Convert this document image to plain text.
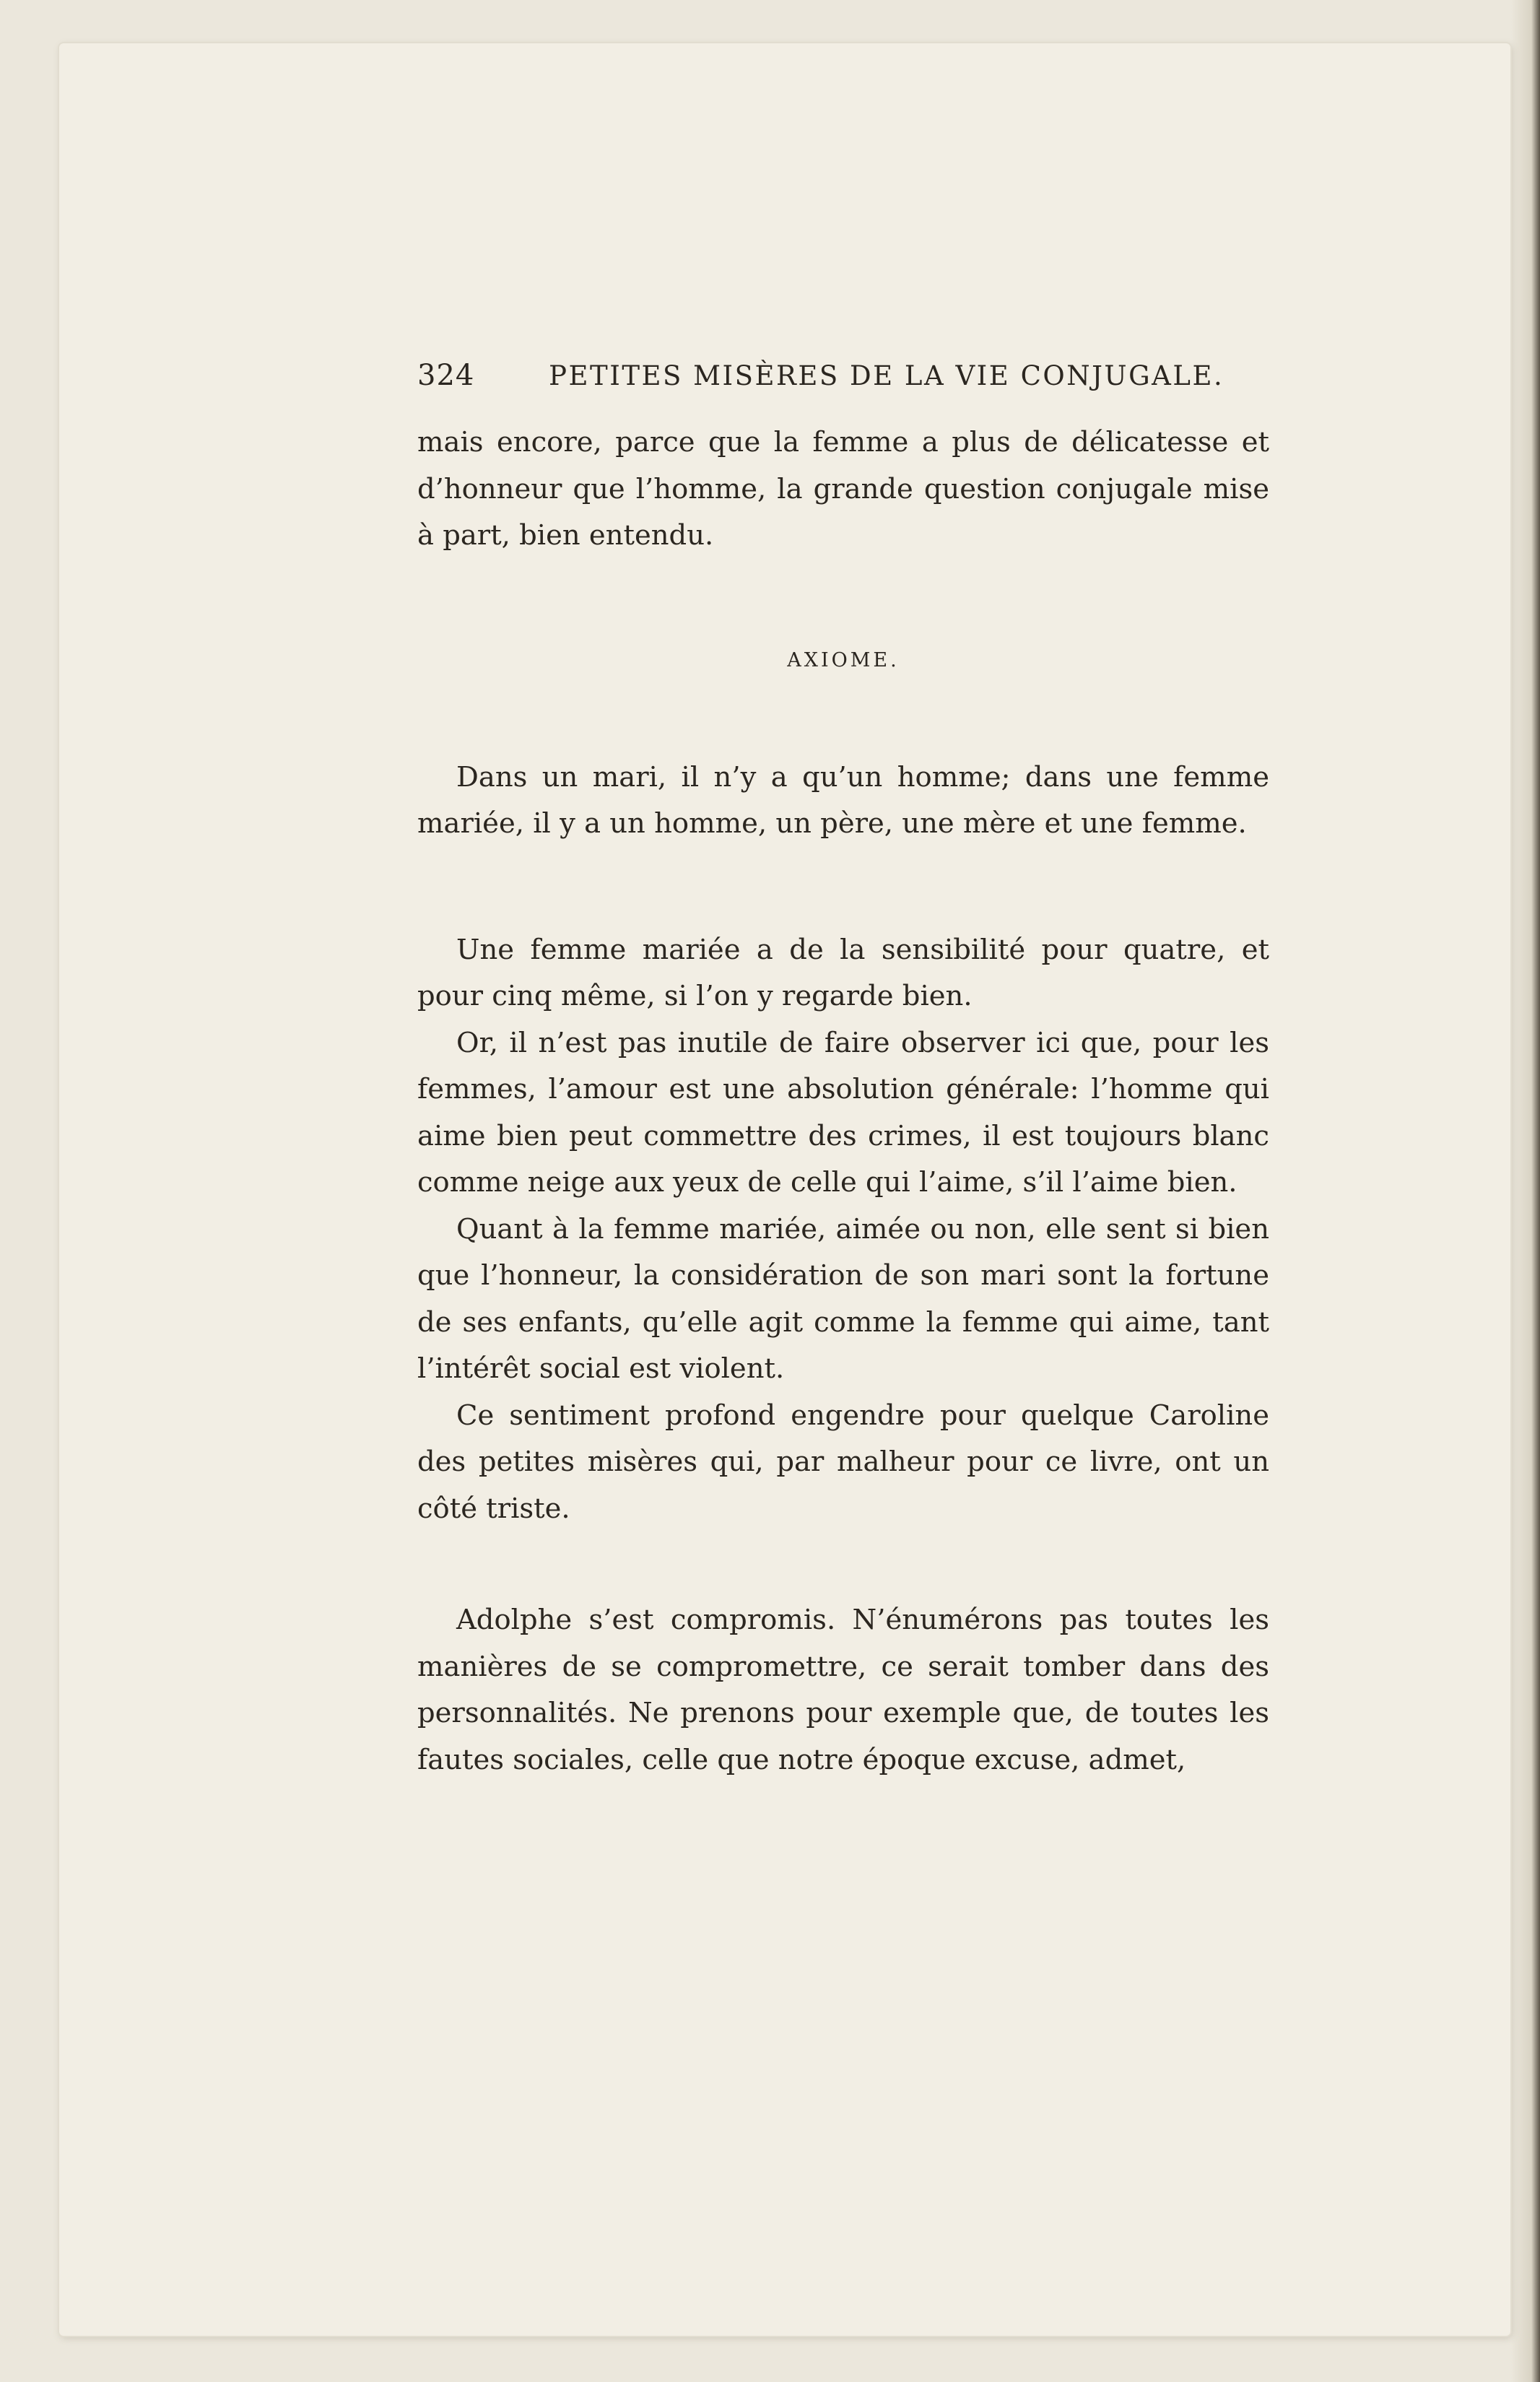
324	PETITES MISÈRES DE LA VIE CONJUGALE.

mais encore, parce que la femme a plus de délicatesse et d’honneur que l’homme, la grande question conjugale mise à part, bien entendu.

AXIOME.

Dans un mari, il n’y a qu’un homme; dans une femme mariée, il y a un homme, un père, une mère et une femme.

Une femme mariée a de la sensibilité pour quatre, et pour cinq même, si l’on y regarde bien.

Or, il n’est pas inutile de faire observer ici que, pour les femmes, l’amour est une absolution générale: l’homme qui aime bien peut commettre des crimes, il est toujours blanc comme neige aux yeux de celle qui l’aime, s’il l’aime bien.

Quant à la femme mariée, aimée ou non, elle sent si bien que l’honneur, la considération de son mari sont la fortune de ses enfants, qu’elle agit comme la femme qui aime, tant l’intérêt social est violent.

Ce sentiment profond engendre pour quelque Caroline des petites misères qui, par malheur pour ce livre, ont un côté triste.

Adolphe s’est compromis. N’énumérons pas toutes les manières de se compromettre, ce serait tomber dans des personnalités. Ne prenons pour exemple que, de toutes les fautes sociales, celle que notre époque excuse, admet,
